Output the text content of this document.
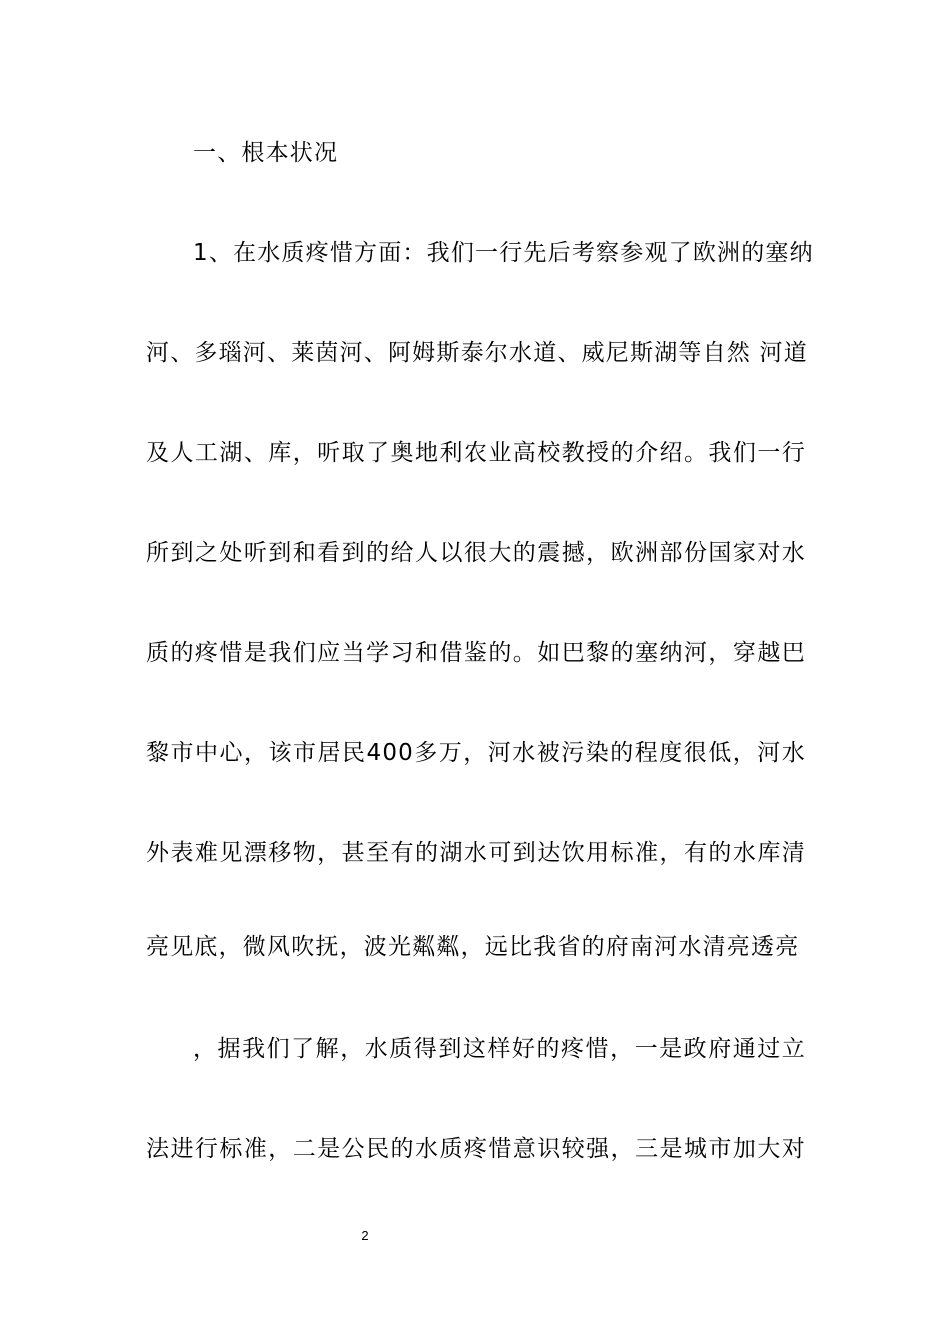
一、根本状况
1、在水质疼惜方面：我们一行先后考察参观了欧洲的塞纳
河、多瑙河、莱茵河、阿姆斯泰尔水道、威尼斯湖等自然 河道
及人工湖、库，听取了奥地利农业高校教授的介绍。我们一行
所到之处听到和看到的给人以很大的震撼，欧洲部份国家对水
质的疼惜是我们应当学习和借鉴的。如巴黎的塞纳河，穿越巴
黎市中心，该市居民400多万，河水被污染的程度很低，河水
外表难见漂移物，甚至有的湖水可到达饮用标准，有的水库清
亮见底，微风吹抚，波光粼粼，远比我省的府南河水清亮透亮
，据我们了解，水质得到这样好的疼惜，一是政府通过立
法进行标准，二是公民的水质疼惜意识较强，三是城市加大对
2
